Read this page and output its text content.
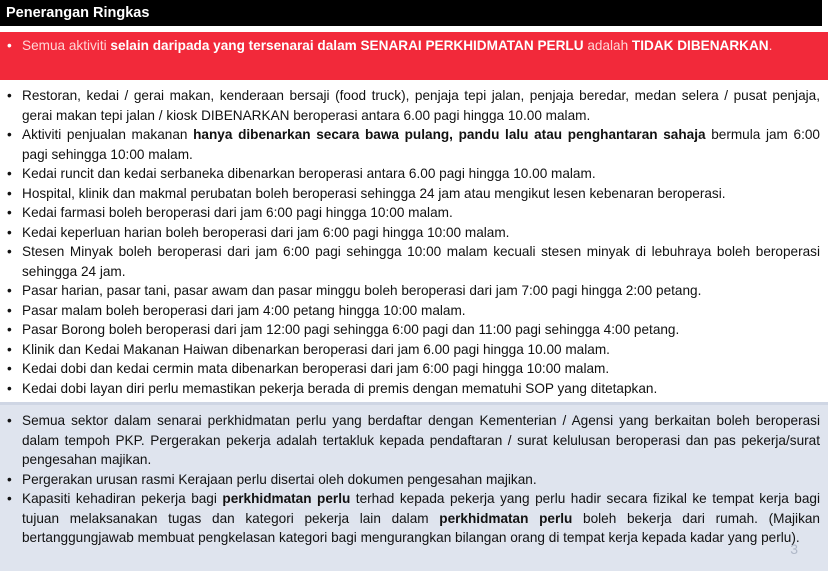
Penerangan Ringkas
• Semua aktiviti selain daripada yang tersenarai dalam SENARAI PERKHIDMATAN PERLU adalah TIDAK DIBENARKAN.
• Restoran, kedai / gerai makan, kenderaan bersaji (food truck), penjaja tepi jalan, penjaja beredar, medan selera / pusat penjaja, gerai makan tepi jalan / kiosk DIBENARKAN beroperasi antara 6.00 pagi hingga 10.00 malam.
• Aktiviti penjualan makanan hanya dibenarkan secara bawa pulang, pandu lalu atau penghantaran sahaja bermula jam 6:00 pagi sehingga 10:00 malam.
• Kedai runcit dan kedai serbaneka dibenarkan beroperasi antara 6.00 pagi hingga 10.00 malam.
• Hospital, klinik dan makmal perubatan boleh beroperasi sehingga 24 jam atau mengikut lesen kebenaran beroperasi.
• Kedai farmasi boleh beroperasi dari jam 6:00 pagi hingga 10:00 malam.
• Kedai keperluan harian boleh beroperasi dari jam 6:00 pagi hingga 10:00 malam.
• Stesen Minyak boleh beroperasi dari jam 6:00 pagi sehingga 10:00 malam kecuali stesen minyak di lebuhraya boleh beroperasi sehingga 24 jam.
• Pasar harian, pasar tani, pasar awam dan pasar minggu boleh beroperasi dari jam 7:00 pagi hingga 2:00 petang.
• Pasar malam boleh beroperasi dari jam 4:00 petang hingga 10:00 malam.
• Pasar Borong boleh beroperasi dari jam 12:00 pagi sehingga 6:00 pagi dan 11:00 pagi sehingga 4:00 petang.
• Klinik dan Kedai Makanan Haiwan dibenarkan beroperasi dari jam 6.00 pagi hingga 10.00 malam.
• Kedai dobi dan kedai cermin mata dibenarkan beroperasi dari jam 6:00 pagi hingga 10:00 malam.
• Kedai dobi layan diri perlu memastikan pekerja berada di premis dengan mematuhi SOP yang ditetapkan.
• Semua sektor dalam senarai perkhidmatan perlu yang berdaftar dengan Kementerian / Agensi yang berkaitan boleh beroperasi dalam tempoh PKP. Pergerakan pekerja adalah tertakluk kepada pendaftaran / surat kelulusan beroperasi dan pas pekerja/surat pengesahan majikan.
• Pergerakan urusan rasmi Kerajaan perlu disertai oleh dokumen pengesahan majikan.
• Kapasiti kehadiran pekerja bagi perkhidmatan perlu terhad kepada pekerja yang perlu hadir secara fizikal ke tempat kerja bagi tujuan melaksanakan tugas dan kategori pekerja lain dalam perkhidmatan perlu boleh bekerja dari rumah. (Majikan bertanggungjawab membuat pengkelasan kategori bagi mengurangkan bilangan orang di tempat kerja kepada kadar yang perlu).
3
